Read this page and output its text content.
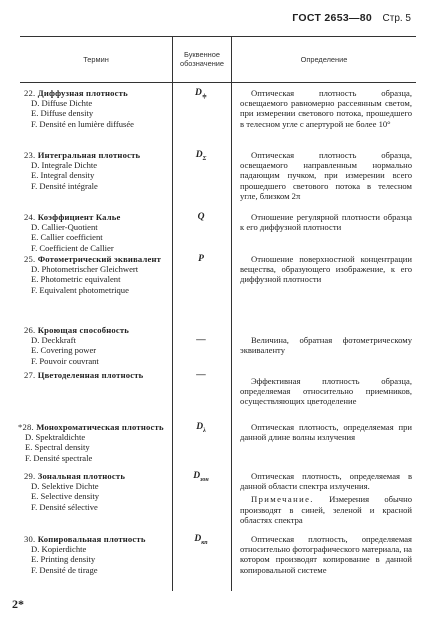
ГОСТ 2653—80 Стр. 5
Термин	Буквенное обозначение	Определение
22. Диффузная плотность
D. Diffuse Dichte
E. Diffuse density
F. Densité en lumière diffusée
$D_≑$	Оптическая плотность образца, освещаемого равномерно рассеянным светом, при измерении светового потока, прошедшего в телесном угле с апертурой не более 10°

23. Интегральная плотность
D. Integrale Dichte
E. Integral density
F. Densité intégrale
$D_\Sigma$	Оптическая плотность образца, освещаемого направленным нормально падающим пучком, при измерении всего прошедшего светового потока в телесном угле, близком 2π

24. Коэффициент Калье
D. Callier-Quotient
E. Callier coefficient
F. Coefficient de Callier
Q	Отношение регулярной плотности образца к его диффузной плотности

25. Фотометрический эквивалент
D. Photometrischer Gleichwert
E. Photometric equivalent
F. Equivalent photometrique
P	Отношение поверхностной концентрации вещества, образующего изображение, к его диффузной плотности

26. Кроющая способность
D. Deckkraft
E. Covering power
F. Pouvoir couvrant
—	Величина, обратная фотометрическому эквиваленту

27. Цветоделенная плотность	—

Эффективная плотность образца, определяемая относительно приемников, осуществляющих цветоделение

*28. Монохроматическая плотность
D. Spektraldichte
E. Spectral density
F. Densité spectrale
$D_\lambda$	Оптическая плотность, определяемая при данной длине волны излучения

29. Зональная плотность
D. Selektive Dichte
E. Selective density
F. Densité sélective
$D_{зон}$	Оптическая плотность, определяемая в данной области спектра излучения.

Примечание. Измерения обычно производят в синей, зеленой и красной областях спектра

30. Копировальная плотность
D. Kopierdichte
E. Printing density
F. Densité de tirage
$D_{кп}$	Оптическая плотность, определяемая относительно фотографического материала, на котором производят копирование в данной копировальной системе

2*
